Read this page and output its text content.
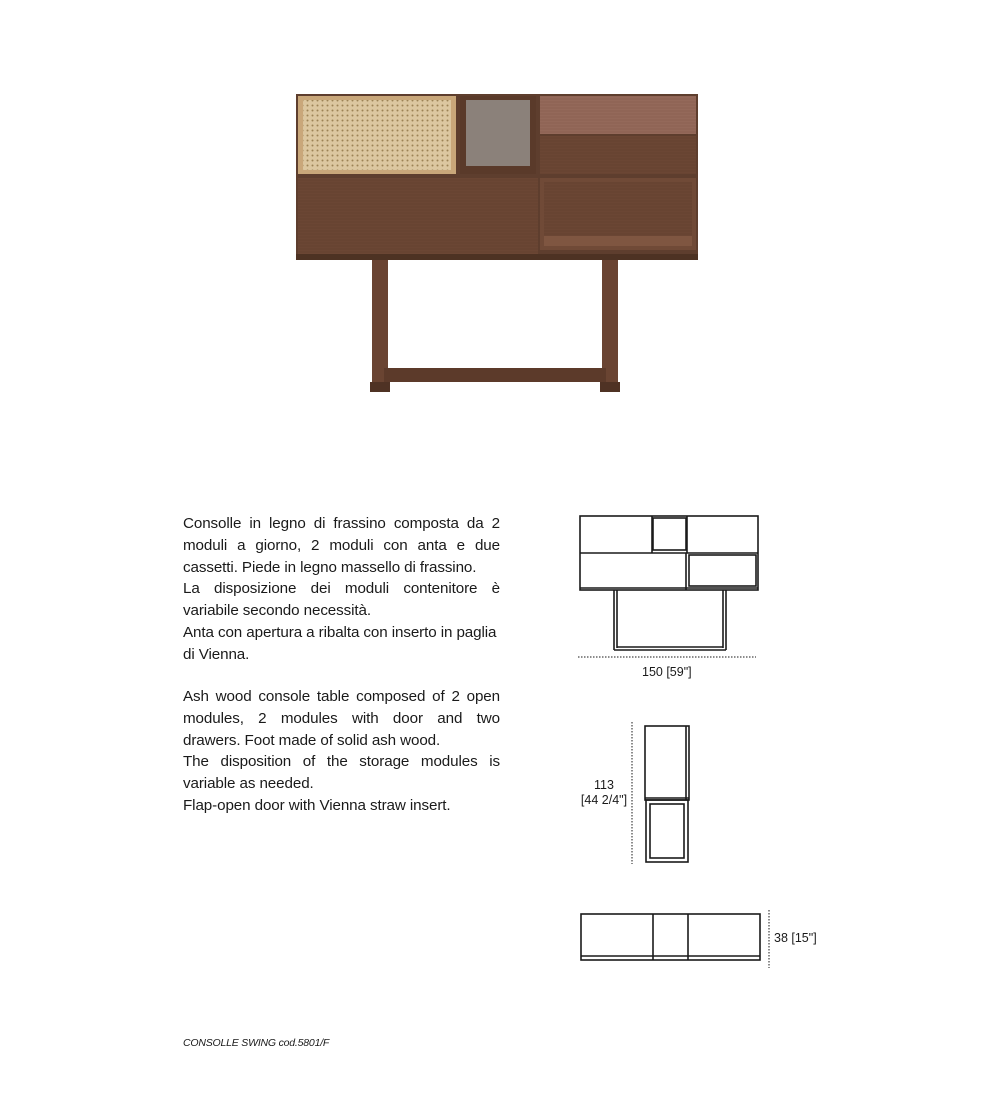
Consolle in legno di frassino composta da 2 moduli a giorno, 2 moduli con anta e due cassetti. Piede in legno massello di frassino.

La disposizione dei moduli contenitore è variabile secondo necessità.

Anta con apertura a ribalta con inserto in paglia di Vienna.

Ash wood console table composed of 2 open modules, 2 modules with door and two drawers. Foot made of solid ash wood.

The disposition of the storage modules is variable as needed.

Flap-open door with Vienna straw insert.

150 [59"]
113
[44 2/4"]
38 [15"]
CONSOLLE SWING cod.5801/F
